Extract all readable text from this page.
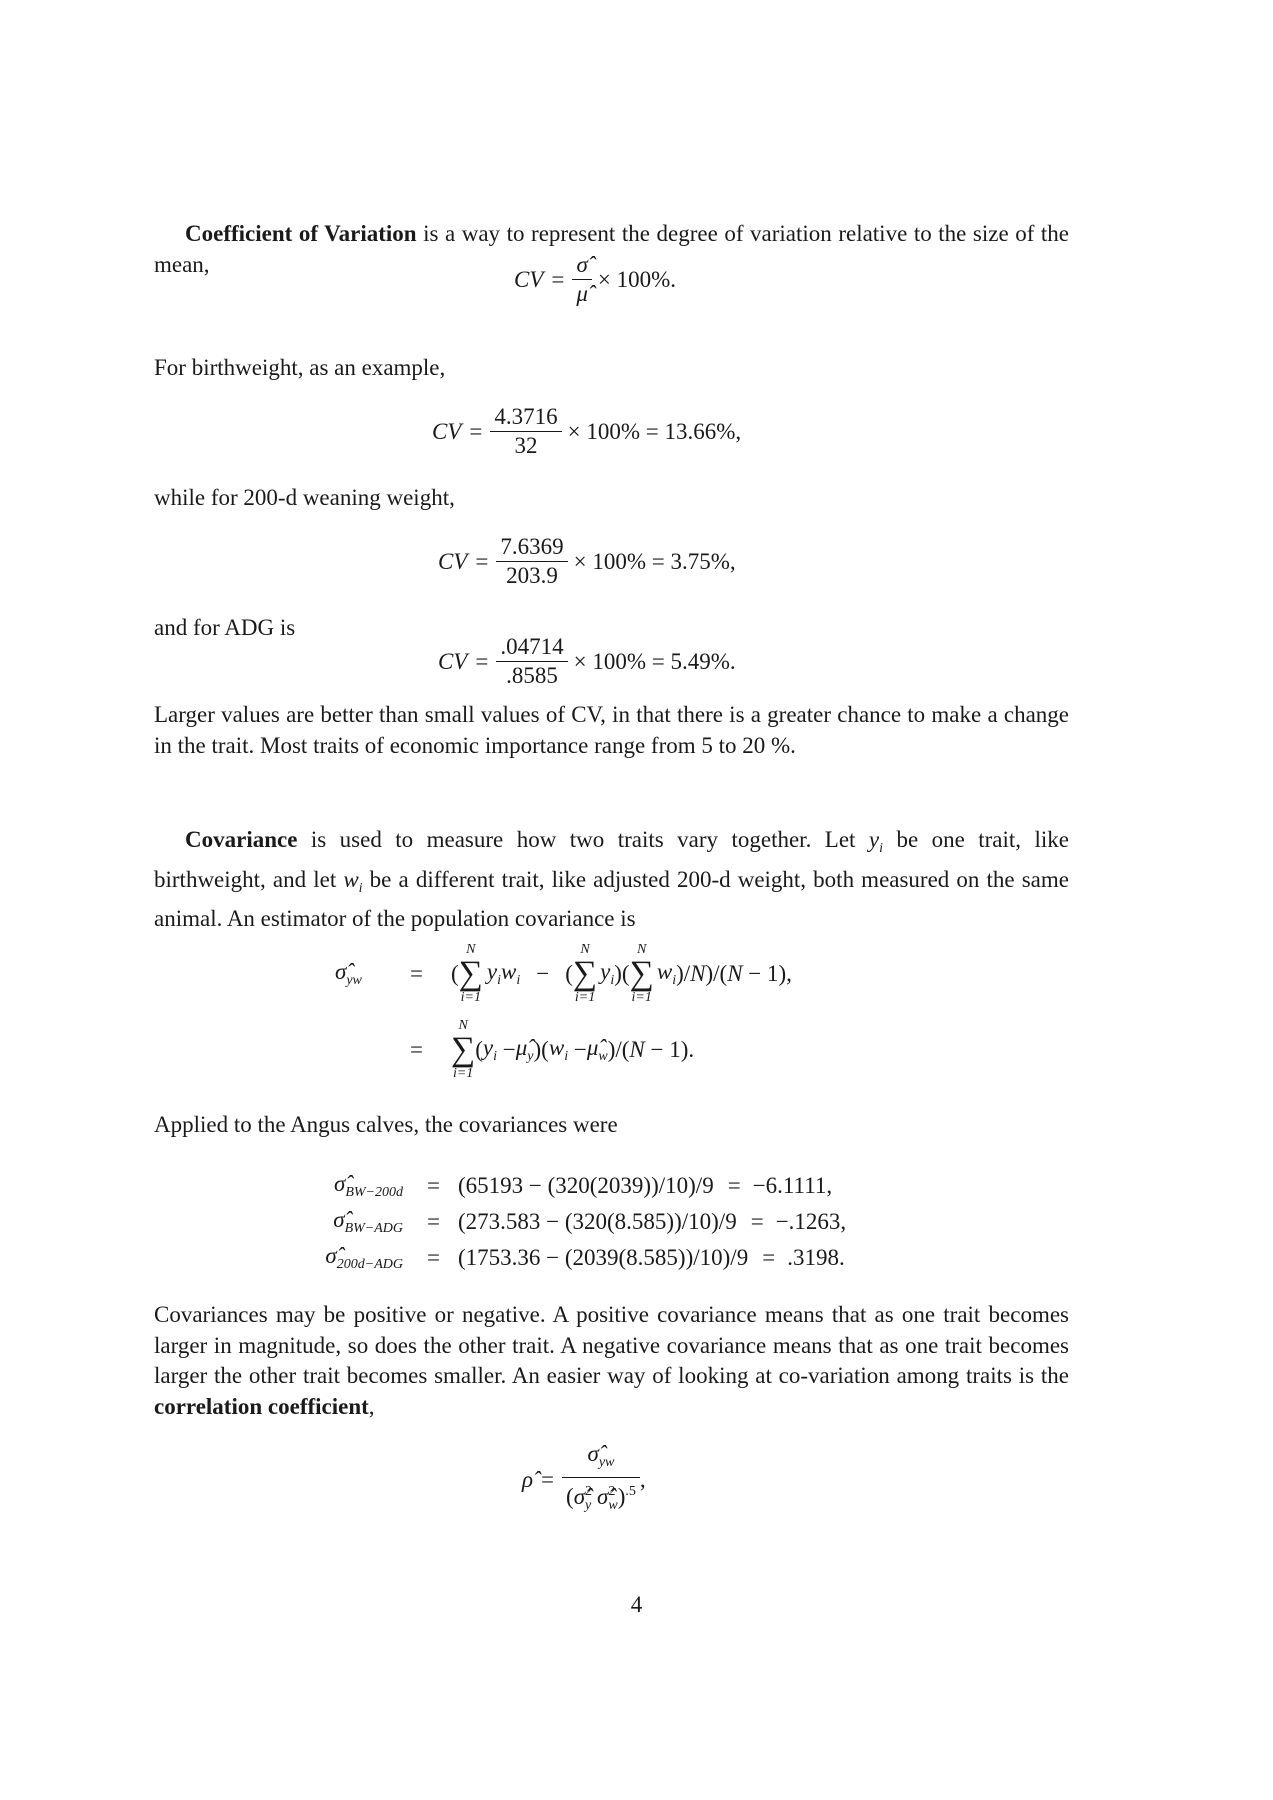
Coefficient of Variation is a way to represent the degree of variation relative to the size of the mean,

CV = $\frac{\sigmâ}{\mû} \times 100\%$.

For birthweight, as an example,

CV = $\frac{4.3716}{32} \times 100\% = 13.66\%$,

while for 200-d weaning weight,

CV = $\frac{7.6369}{203.9} \times 100\% = 3.75\%$,

and for ADG is

CV = $\frac{.04714}{.8585} \times 100\% = 5.49\%$.

Larger values are better than small values of CV, in that there is a greater chance to make a change in the trait. Most traits of economic importance range from 5 to 20 %.

Covariance is used to measure how two traits vary together. Let $y_i$ be one trait, like birthweight, and let $w_i$ be a different trait, like adjusted 200-d weight, both measured on the same animal. An estimator of the population covariance is

$\sigmâ_{yw}$	= (
N
∑
i=1
$y_iw_i$ − (
N
∑
i=1
$y_i$ )(
N
∑
i=1
$w_i$ )/ N )/( N − 1),
=
N
∑
i=1
( $y_i$ − $\mû_y$ )( $w_i$ − $\mû_w$ )/( N − 1).

Applied to the Angus calves, the covariances were

$\sigmâ_{BW-200d} = (65193 - (320(2039))/10)/9 = -6.1111$,
$\sigmâ_{BW-ADG} = (273.583 - (320(8.585))/10)/9 = -.1263$,
$\sigmâ_{200d-ADG} = (1753.36 - (2039(8.585))/10)/9 = .3198$.

Covariances may be positive or negative. A positive covariance means that as one trait becomes larger in magnitude, so does the other trait. A negative covariance means that as one trait becomes larger the other trait becomes smaller. An easier way of looking at co-variation among traits is the correlation coefficient,

ρ̂ = $\frac{\sigmâ_{yw}}{(\sigmâ^2_y \sigmâ^2_w)^{.5}}$ ,
4
